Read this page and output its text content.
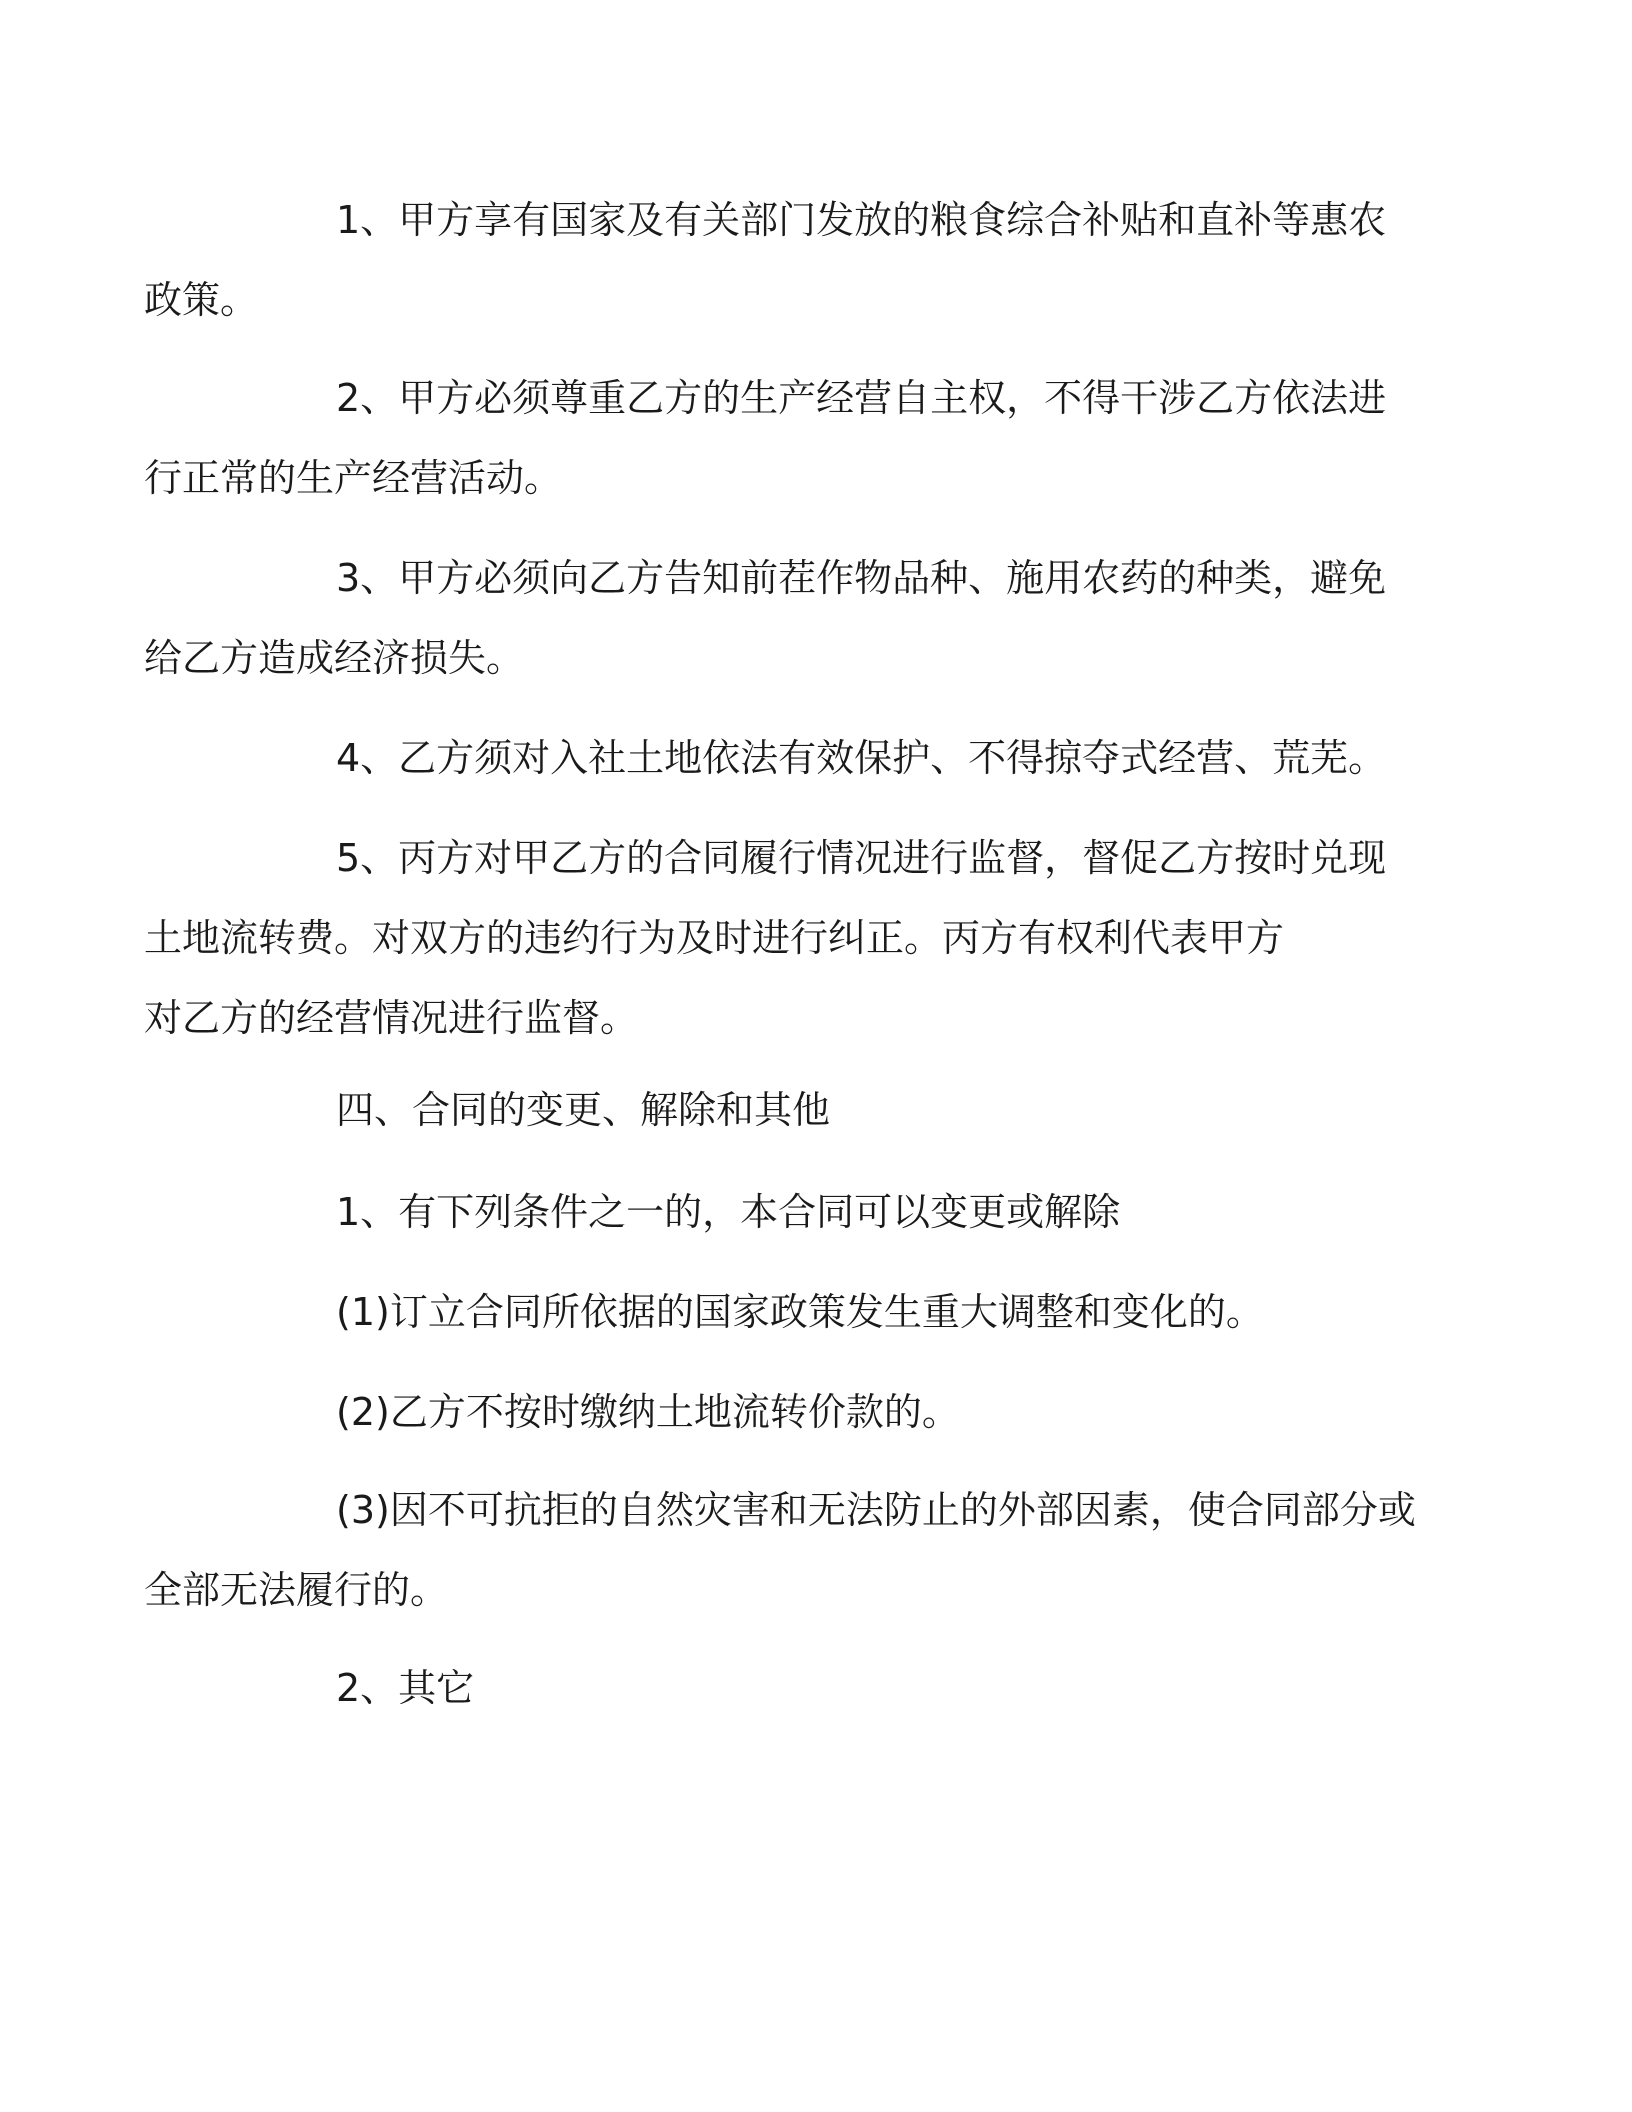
1、甲方享有国家及有关部门发放的粮食综合补贴和直补等惠农
政策。

2、甲方必须尊重乙方的生产经营自主权，不得干涉乙方依法进
行正常的生产经营活动。

3、甲方必须向乙方告知前茬作物品种、施用农药的种类，避免
给乙方造成经济损失。

4、乙方须对入社土地依法有效保护、不得掠夺式经营、荒芜。

5、丙方对甲乙方的合同履行情况进行监督，督促乙方按时兑现
土地流转费。对双方的违约行为及时进行纠正。丙方有权利代表甲方
对乙方的经营情况进行监督。

四、合同的变更、解除和其他

1、有下列条件之一的，本合同可以变更或解除

(1)订立合同所依据的国家政策发生重大调整和变化的。

(2)乙方不按时缴纳土地流转价款的。

(3)因不可抗拒的自然灾害和无法防止的外部因素，使合同部分或
全部无法履行的。

2、其它
